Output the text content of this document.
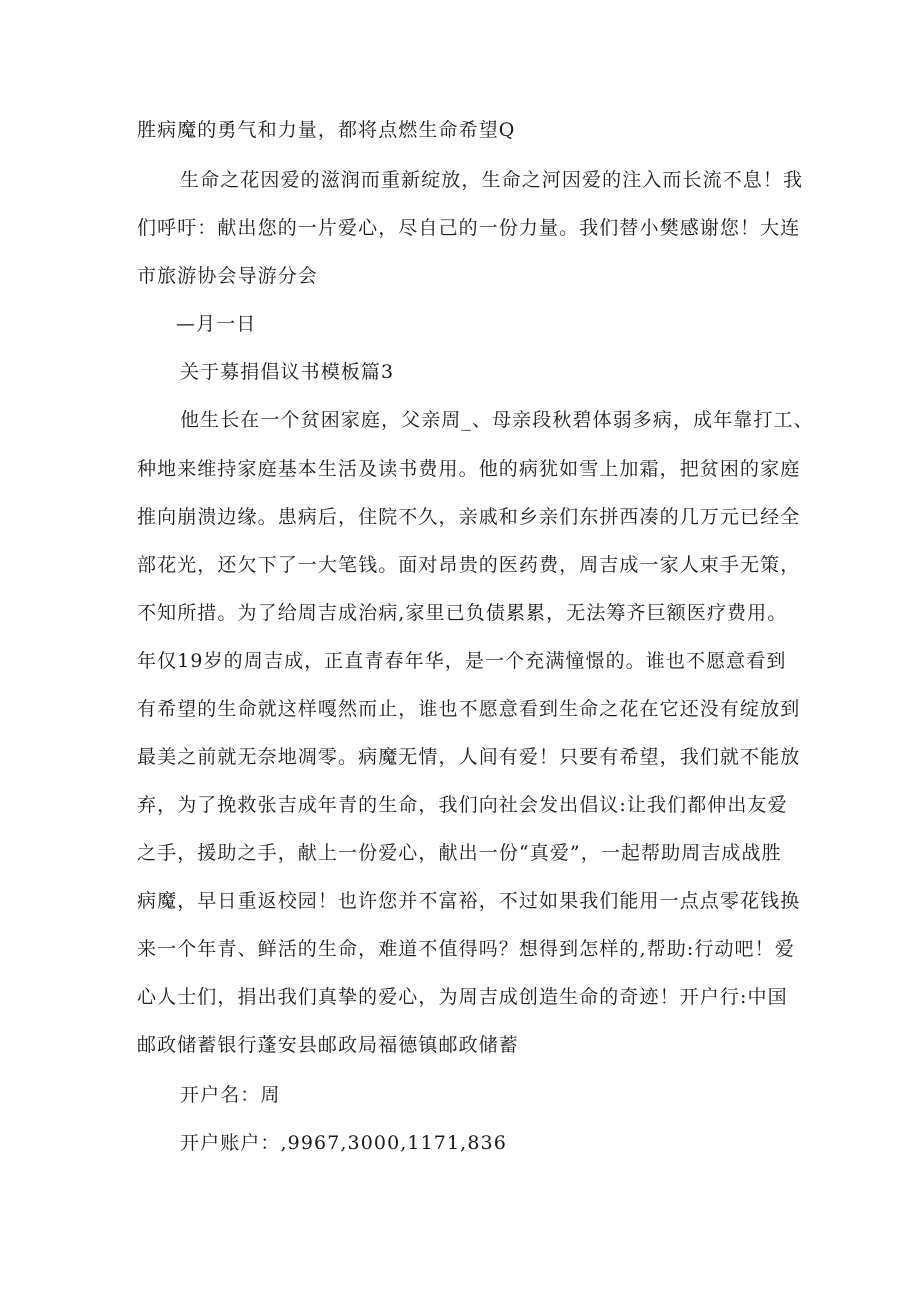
胜病魔的勇气和力量，都将点燃生命希望Q
生命之花因爱的滋润而重新绽放，生命之河因爱的注入而长流不息！我
们呼吁：献出您的一片爱心，尽自己的一份力量。我们替小樊感谢您！大连
市旅游协会导游分会
—月一日
关于募捐倡议书模板篇3
他生长在一个贫困家庭，父亲周_、母亲段秋碧体弱多病，成年靠打工、
种地来维持家庭基本生活及读书费用。他的病犹如雪上加霜，把贫困的家庭
推向崩溃边缘。患病后，住院不久，亲戚和乡亲们东拼西凑的几万元已经全
部花光，还欠下了一大笔钱。面对昂贵的医药费，周吉成一家人束手无策，
不知所措。为了给周吉成治病,家里已负债累累，无法筹齐巨额医疗费用。
年仅19岁的周吉成，正直青春年华，是一个充满憧憬的。谁也不愿意看到
有希望的生命就这样嘎然而止，谁也不愿意看到生命之花在它还没有绽放到
最美之前就无奈地凋零。病魔无情，人间有爱！只要有希望，我们就不能放
弃，为了挽救张吉成年青的生命，我们向社会发出倡议:让我们都伸出友爱
之手，援助之手，献上一份爱心，献出一份“真爱”，一起帮助周吉成战胜
病魔，早日重返校园！也许您并不富裕，不过如果我们能用一点点零花钱换
来一个年青、鲜活的生命，难道不值得吗？想得到怎样的,帮助:行动吧！爱
心人士们，捐出我们真挚的爱心，为周吉成创造生命的奇迹！开户行:中国
邮政储蓄银行蓬安县邮政局福德镇邮政储蓄
开户名：周
开户账户：,9967,3000,1171,836
